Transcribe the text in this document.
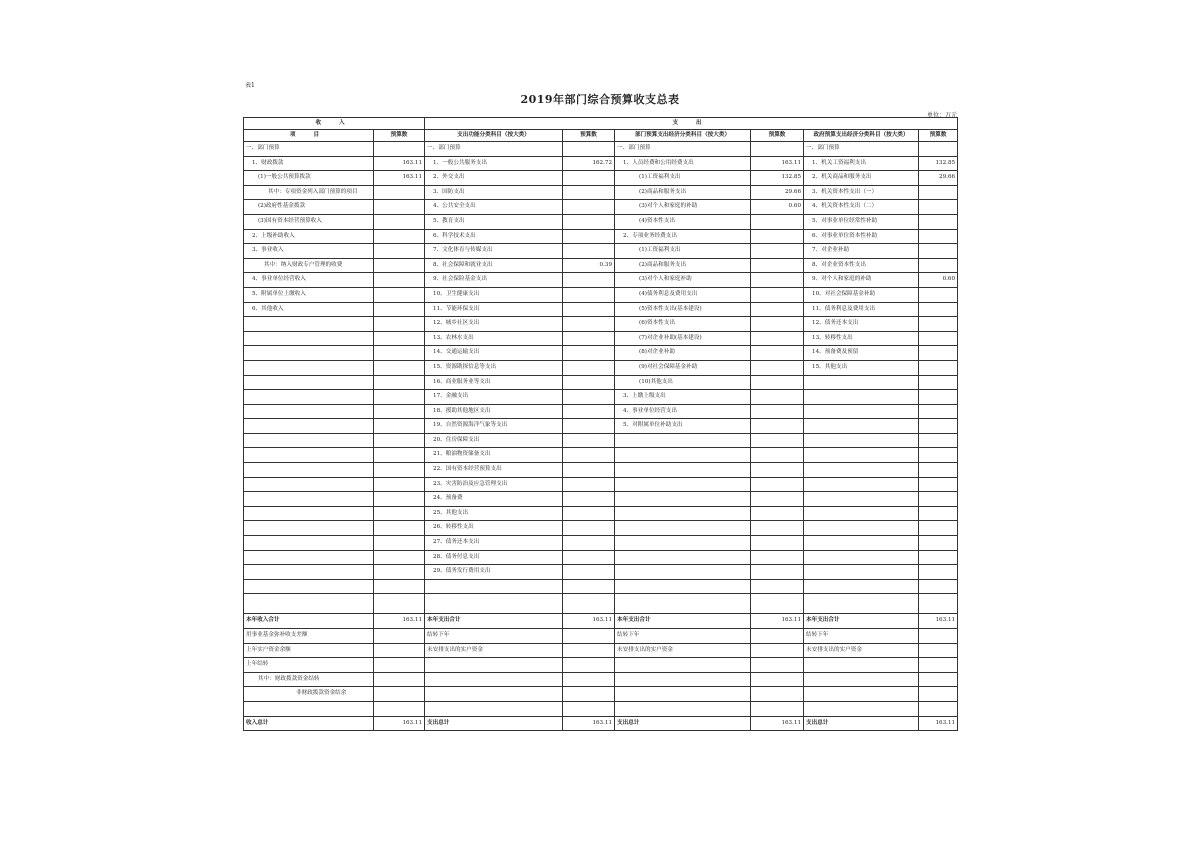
表1
2019年部门综合预算收支总表
单位：万元
收 入		支 出					
项 目	预算数	支出功能分类科目（按大类）	预算数	部门预算支出经济分类科目（按大类）	预算数	政府预算支出经济分类科目（按大类）	预算数
一、部门预算		一、部门预算		一、部门预算		一、部门预算	
1、财政拨款	163.11	1、一般公共服务支出	162.72	1、人员经费和公用经费支出	163.11	1、机关工资福利支出	132.85
(1)一般公共预算拨款	163.11	2、外交支出		(1)工资福利支出	132.85	2、机关商品和服务支出	29.66
其中：专项资金列入部门预算的项目		3、国防支出		(2)商品和服务支出	29.66	3、机关资本性支出（一）	
(2)政府性基金拨款		4、公共安全支出		(3)对个人和家庭的补助	0.60	4、机关资本性支出（二）	
(3)国有资本经营预算收入		5、教育支出		(4)资本性支出		5、对事业单位经常性补助	
2、上级补助收入		6、科学技术支出		2、专项业务经费支出		6、对事业单位资本性补助	
3、事业收入		7、文化体育与传媒支出		(1)工资福利支出		7、对企业补助	
其中：纳入财政专户管理的收费		8、社会保障和就业支出	0.39	(2)商品和服务支出		8、对企业资本性支出	
4、事业单位经营收入		9、社会保险基金支出		(3)对个人和家庭补助		9、对个人和家庭的补助	0.60
5、附属单位上缴收入		10、卫生健康支出		(4)债务利息及费用支出		10、对社会保障基金补助	
6、其他收入		11、节能环保支出		(5)资本性支出(基本建设)		11、债务利息及费用支出	
		12、城乡社区支出		(6)资本性支出		12、债务还本支出	
		13、农林水支出		(7)对企业补助(基本建设)		13、转移性支出	
		14、交通运输支出		(8)对企业补助		14、预备费及预留	
		15、资源勘探信息等支出		(9)对社会保障基金补助		15、其他支出	
		16、商业服务业等支出		(10)其他支出			
		17、金融支出		3、上缴上级支出			
		18、援助其他地区支出		4、事业单位经营支出			
		19、自然资源海洋气象等支出		5、对附属单位补助支出			
		20、住房保障支出					
		21、粮油物资储备支出					
		22、国有资本经营预算支出					
		23、灾害防治及应急管理支出					
		24、预备费					
		25、其他支出					
		26、转移性支出					
		27、债务还本支出					
		28、债务付息支出					
		29、债务发行费用支出					

本年收入合计	163.11	本年支出合计	163.11	本年支出合计	163.11	本年支出合计	163.11
用事业基金弥补收支差额		结转下年		结转下年		结转下年	
上年实户资金余额		未安排支出的实户资金		未安排支出的实户资金		未安排支出的实户资金	
上年结转							
其中：财政拨款资金结转							
非财政拨款资金结余							

收入总计	163.11	支出总计	163.11	支出总计	163.11	支出总计	163.11
